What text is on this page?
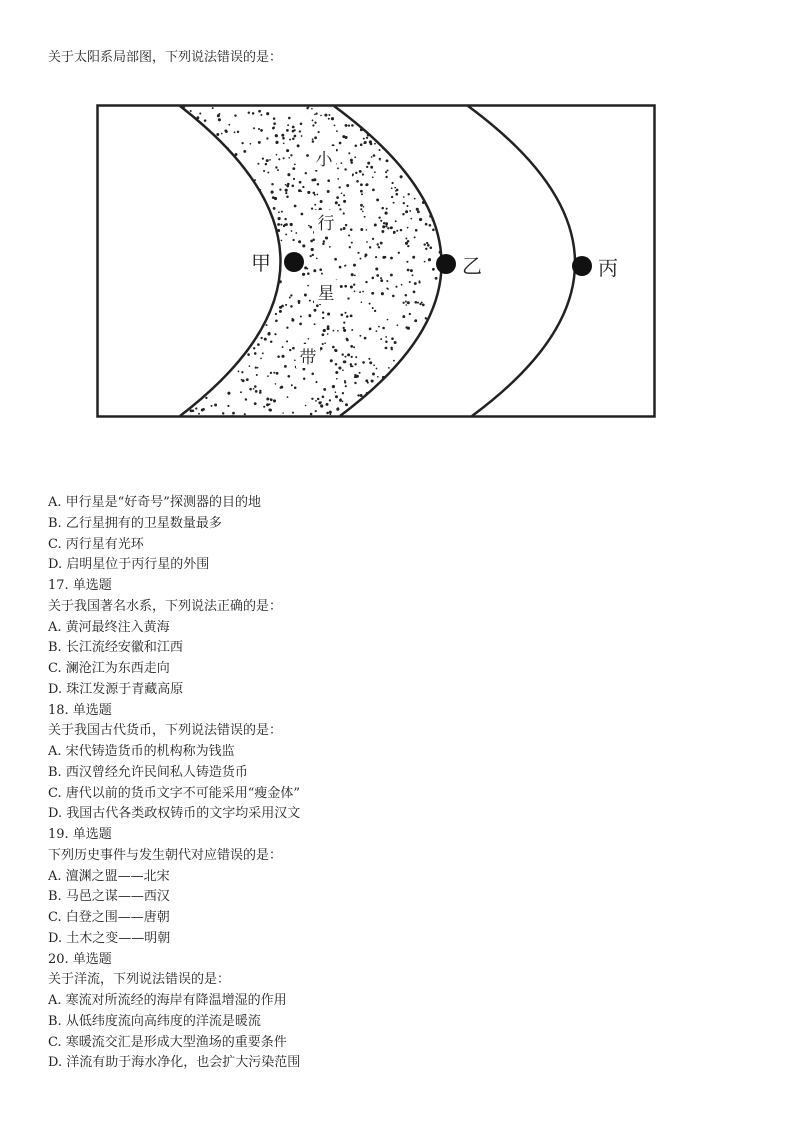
关于太阳系局部图，下列说法错误的是：
小
行
星
带
甲	乙	丙
A. 甲行星是“好奇号”探测器的目的地
B. 乙行星拥有的卫星数量最多
C. 丙行星有光环
D. 启明星位于丙行星的外围
17. 单选题
关于我国著名水系，下列说法正确的是：
A. 黄河最终注入黄海
B. 长江流经安徽和江西
C. 澜沧江为东西走向
D. 珠江发源于青藏高原
18. 单选题
关于我国古代货币，下列说法错误的是：
A. 宋代铸造货币的机构称为钱监
B. 西汉曾经允许民间私人铸造货币
C. 唐代以前的货币文字不可能采用“瘦金体”
D. 我国古代各类政权铸币的文字均采用汉文
19. 单选题
下列历史事件与发生朝代对应错误的是：
A. 澶渊之盟——北宋
B. 马邑之谋——西汉
C. 白登之围——唐朝
D. 土木之变——明朝
20. 单选题
关于洋流，下列说法错误的是：
A. 寒流对所流经的海岸有降温增湿的作用
B. 从低纬度流向高纬度的洋流是暖流
C. 寒暖流交汇是形成大型渔场的重要条件
D. 洋流有助于海水净化，也会扩大污染范围
